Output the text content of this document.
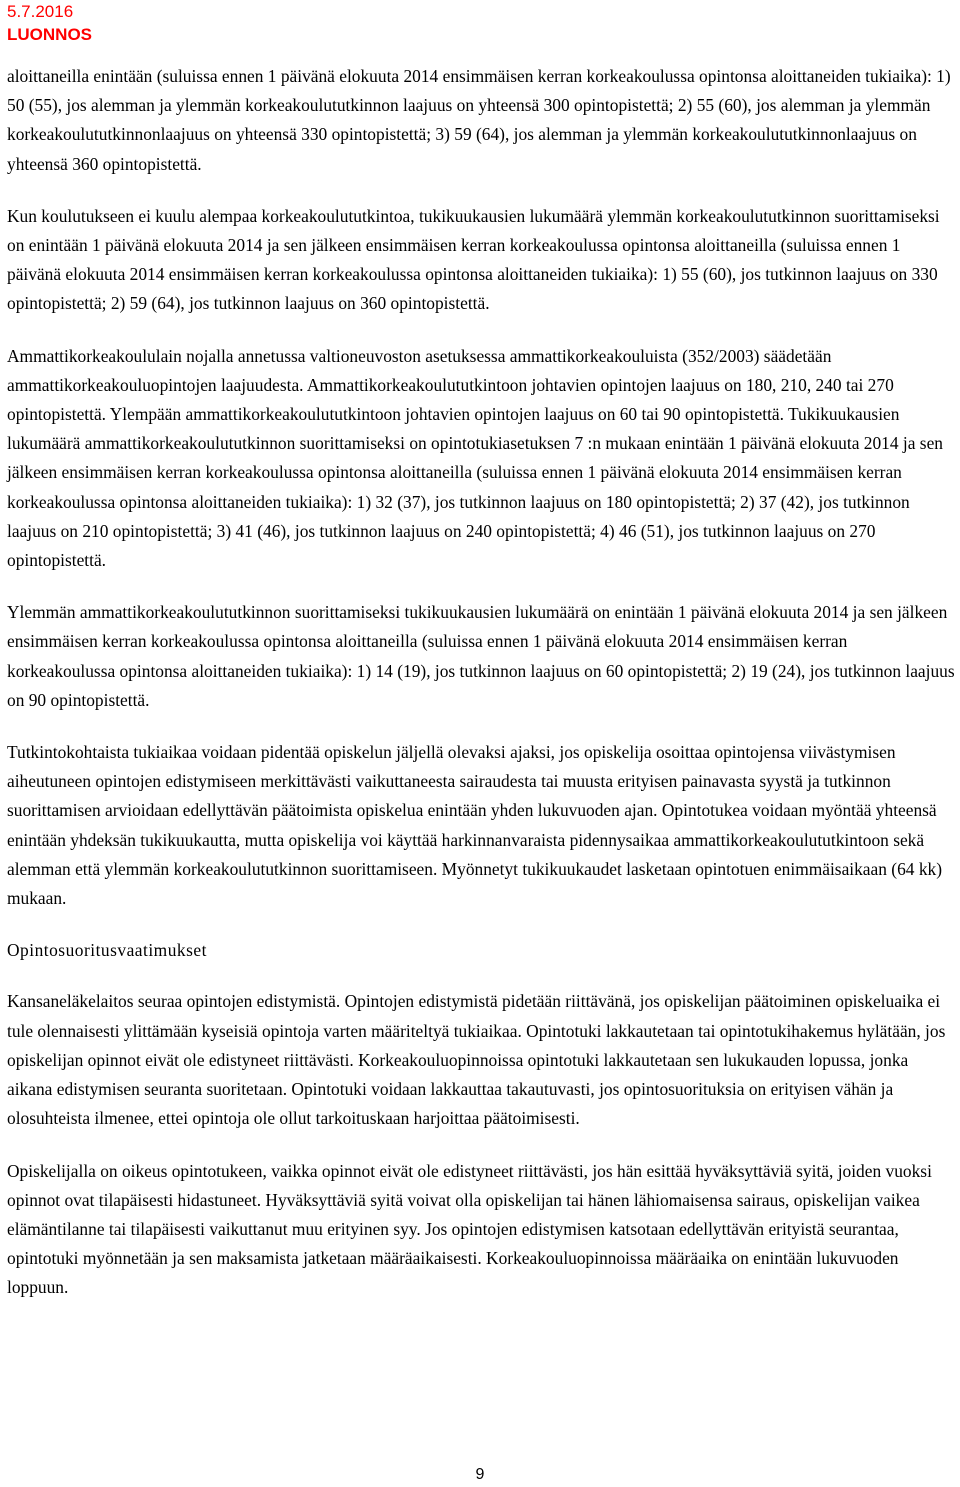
5.7.2016
LUONNOS

aloittaneilla enintään (suluissa ennen 1 päivänä elokuuta 2014 ensimmäisen kerran korkeakoulussa opintonsa aloittaneiden tukiaika): 1) 50 (55), jos alemman ja ylemmän korkeakoulututkinnon laajuus on yhteensä 300 opintopistettä; 2) 55 (60), jos alemman ja ylemmän korkeakoulututkinnonlaajuus on yhteensä 330 opintopistettä; 3) 59 (64), jos alemman ja ylemmän korkeakoulututkinnonlaajuus on yhteensä 360 opintopistettä.

Kun koulutukseen ei kuulu alempaa korkeakoulututkintoa, tukikuukausien lukumäärä ylemmän korkeakoulututkinnon suorittamiseksi on enintään 1 päivänä elokuuta 2014 ja sen jälkeen ensimmäisen kerran korkeakoulussa opintonsa aloittaneilla (suluissa ennen 1 päivänä elokuuta 2014 ensimmäisen kerran korkeakoulussa opintonsa aloittaneiden tukiaika): 1) 55 (60), jos tutkinnon laajuus on 330 opintopistettä; 2) 59 (64), jos tutkinnon laajuus on 360 opintopistettä.

Ammattikorkeakoululain nojalla annetussa valtioneuvoston asetuksessa ammattikorkeakouluista (352/2003) säädetään ammattikorkeakouluopintojen laajuudesta. Ammattikorkeakoulututkintoon johtavien opintojen laajuus on 180, 210, 240 tai 270 opintopistettä. Ylempään ammattikorkeakoulututkintoon johtavien opintojen laajuus on 60 tai 90 opintopistettä. Tukikuukausien lukumäärä ammattikorkeakoulututkinnon suorittamiseksi on opintotukiasetuksen 7 :n mukaan enintään 1 päivänä elokuuta 2014 ja sen jälkeen ensimmäisen kerran korkeakoulussa opintonsa aloittaneilla (suluissa ennen 1 päivänä elokuuta 2014 ensimmäisen kerran korkeakoulussa opintonsa aloittaneiden tukiaika): 1) 32 (37), jos tutkinnon laajuus on 180 opintopistettä; 2) 37 (42), jos tutkinnon laajuus on 210 opintopistettä; 3) 41 (46), jos tutkinnon laajuus on 240 opintopistettä; 4) 46 (51), jos tutkinnon laajuus on 270 opintopistettä.

Ylemmän ammattikorkeakoulututkinnon suorittamiseksi tukikuukausien lukumäärä on enintään 1 päivänä elokuuta 2014 ja sen jälkeen ensimmäisen kerran korkeakoulussa opintonsa aloittaneilla (suluissa ennen 1 päivänä elokuuta 2014 ensimmäisen kerran korkeakoulussa opintonsa aloittaneiden tukiaika): 1) 14 (19), jos tutkinnon laajuus on 60 opintopistettä; 2) 19 (24), jos tutkinnon laajuus on 90 opintopistettä.

Tutkintokohtaista tukiaikaa voidaan pidentää opiskelun jäljellä olevaksi ajaksi, jos opiskelija osoittaa opintojensa viivästymisen aiheutuneen opintojen edistymiseen merkittävästi vaikuttaneesta sairaudesta tai muusta erityisen painavasta syystä ja tutkinnon suorittamisen arvioidaan edellyttävän päätoimista opiskelua enintään yhden lukuvuoden ajan. Opintotukea voidaan myöntää yhteensä enintään yhdeksän tukikuukautta, mutta opiskelija voi käyttää harkinnanvaraista pidennysaikaa ammattikorkeakoulututkintoon sekä alemman että ylemmän korkeakoulututkinnon suorittamiseen. Myönnetyt tukikuukaudet lasketaan opintotuen enimmäisaikaan (64 kk) mukaan.

Opintosuoritusvaatimukset

Kansaneläkelaitos seuraa opintojen edistymistä. Opintojen edistymistä pidetään riittävänä, jos opiskelijan päätoiminen opiskeluaika ei tule olennaisesti ylittämään kyseisiä opintoja varten määriteltyä tukiaikaa. Opintotuki lakkautetaan tai opintotukihakemus hylätään, jos opiskelijan opinnot eivät ole edistyneet riittävästi. Korkeakouluopinnoissa opintotuki lakkautetaan sen lukukauden lopussa, jonka aikana edistymisen seuranta suoritetaan. Opintotuki voidaan lakkauttaa takautuvasti, jos opintosuorituksia on erityisen vähän ja olosuhteista ilmenee, ettei opintoja ole ollut tarkoituskaan harjoittaa päätoimisesti.

Opiskelijalla on oikeus opintotukeen, vaikka opinnot eivät ole edistyneet riittävästi, jos hän esittää hyväksyttäviä syitä, joiden vuoksi opinnot ovat tilapäisesti hidastuneet. Hyväksyttäviä syitä voivat olla opiskelijan tai hänen lähiomaisensa sairaus, opiskelijan vaikea elämäntilanne tai tilapäisesti vaikuttanut muu erityinen syy. Jos opintojen edistymisen katsotaan edellyttävän erityistä seurantaa, opintotuki myönnetään ja sen maksamista jatketaan määräaikaisesti. Korkeakouluopinnoissa määräaika on enintään lukuvuoden loppuun.

9
